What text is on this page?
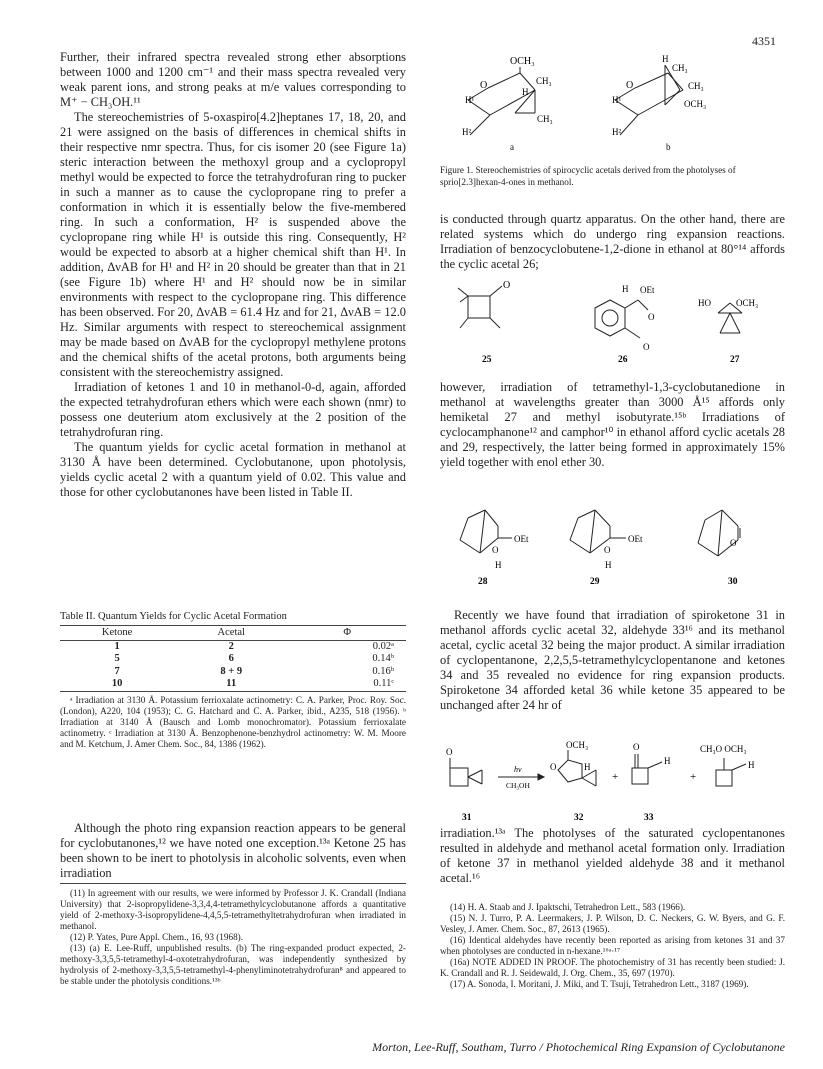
4351

Further, their infrared spectra revealed strong ether absorptions between 1000 and 1200 cm⁻¹ and their mass spectra revealed very weak parent ions, and strong peaks at m/e values corresponding to M⁺ − CH₃OH.¹¹

The stereochemistries of 5-oxaspiro[4.2]heptanes 17, 18, 20, and 21 were assigned on the basis of differences in chemical shifts in their respective nmr spectra. Thus, for cis isomer 20 (see Figure 1a) steric interaction between the methoxyl group and a cyclopropyl methyl would be expected to force the tetrahydrofuran ring to pucker in such a manner as to cause the cyclopropane ring to prefer a conformation in which it is essentially below the five-membered ring. In such a conformation, H² is suspended above the cyclopropane ring while H¹ is outside this ring. Consequently, H² would be expected to absorb at a higher chemical shift than H¹. In addition, ΔνAB for H¹ and H² in 20 should be greater than that in 21 (see Figure 1b) where H¹ and H² should now be in similar environments with respect to the cyclopropane ring. This difference has been observed. For 20, ΔνAB = 61.4 Hz and for 21, ΔνAB = 12.0 Hz. Similar arguments with respect to stereochemical assignment may be made based on ΔνAB for the cyclopropyl methylene protons and the chemical shifts of the acetal protons, both arguments being consistent with the stereochemistry assigned.

Irradiation of ketones 1 and 10 in methanol-0-d, again, afforded the expected tetrahydrofuran ethers which were each shown (nmr) to possess one deuterium atom exclusively at the 2 position of the tetrahydrofuran ring.

The quantum yields for cyclic acetal formation in methanol at 3130 Å have been determined. Cyclobutanone, upon photolysis, yields cyclic acetal 2 with a quantum yield of 0.02. This value and those for other cyclobutanones have been listed in Table II.

Table II. Quantum Yields for Cyclic Acetal Formation
Ketone	Acetal	Φ
1	2	0.02ᵃ
5	6	0.14ᵇ
7	8 + 9	0.16ᵇ
10	11	0.11ᶜ
ᵃ Irradiation at 3130 Å. Potassium ferrioxalate actinometry: C. A. Parker, Proc. Roy. Soc. (London), A220, 104 (1953); C. G. Hatchard and C. A. Parker, ibid., A235, 518 (1956). ᵇ Irradiation at 3140 Å (Bausch and Lomb monochromator). Potassium ferrioxalate actinometry. ᶜ Irradiation at 3130 Å. Benzophenone-benzhydrol actinometry: W. M. Moore and M. Ketchum, J. Amer Chem. Soc., 84, 1386 (1962).

Although the photo ring expansion reaction appears to be general for cyclobutanones,¹² we have noted one exception.¹³ᵃ Ketone 25 has been shown to be inert to photolysis in alcoholic solvents, even when irradiation

(11) In agreement with our results, we were informed by Professor J. K. Crandall (Indiana University) that 2-isopropylidene-3,3,4,4-tetramethylcyclobutanone affords a quantitative yield of 2-methoxy-3-isopropylidene-4,4,5,5-tetramethyltetrahydrofuran when irradiated in methanol.

(12) P. Yates, Pure Appl. Chem., 16, 93 (1968).

(13) (a) E. Lee-Ruff, unpublished results. (b) The ring-expanded product expected, 2-methoxy-3,3,5,5-tetramethyl-4-oxotetrahydrofuran, was independently synthesized by hydrolysis of 2-methoxy-3,3,5,5-tetramethyl-4-phenyliminotetrahydrofuran⁸ and appeared to be stable under the photolysis conditions.¹³ᵇ

OCH₃
O	CH₃
H
H¹
H²
CH₃
a
H
CH₃
O	CH₃
H¹	OCH₃
H²
b
Figure 1. Stereochemistries of spirocyclic acetals derived from the photolyses of sprio[2.3]hexan-4-ones in methanol.

is conducted through quartz apparatus. On the other hand, there are related systems which do undergo ring expansion reactions. Irradiation of benzocyclobutene-1,2-dione in ethanol at 80°¹⁴ affords the cyclic acetal 26;

O	H OEt
O
O
HO	OCH₃
25	26	27

however, irradiation of tetramethyl-1,3-cyclobutanedione in methanol at wavelengths greater than 3000 Å¹⁵ affords only hemiketal 27 and methyl isobutyrate.¹⁵ᵇ Irradiations of cyclocamphanone¹² and camphor¹⁰ in ethanol afford cyclic acetals 28 and 29, respectively, the latter being formed in approximately 15% yield together with enol ether 30.

O
OEt
H
O
OEt
H
O
28	29	30

Recently we have found that irradiation of spiroketone 31 in methanol affords cyclic acetal 32, aldehyde 33¹⁶ and its methanol acetal, cyclic acetal 32 being the major product. A similar irradiation of cyclopentanone, 2,2,5,5-tetramethylcyclopentanone and ketones 34 and 35 revealed no evidence for ring expansion products. Spiroketone 34 afforded ketal 36 while ketone 35 appeared to be unchanged after 24 hr of

O
hν
CH₃OH
OCH₃
O	H
+
O
H
+
CH₃O OCH₃
H
31	32	33

irradiation.¹³ᵃ The photolyses of the saturated cyclopentanones resulted in aldehyde and methanol acetal formation only. Irradiation of ketone 37 in methanol yielded aldehyde 38 and it methanol acetal.¹⁶

(14) H. A. Staab and J. Ipaktschi, Tetrahedron Lett., 583 (1966).

(15) N. J. Turro, P. A. Leermakers, J. P. Wilson, D. C. Neckers, G. W. Byers, and G. F. Vesley, J. Amer. Chem. Soc., 87, 2613 (1965).

(16) Identical aldehydes have recently been reported as arising from ketones 31 and 37 when photolyses are conducted in n-hexane.¹⁶ᵃ·¹⁷

(16a) NOTE ADDED IN PROOF. The photochemistry of 31 has recently been studied: J. K. Crandall and R. J. Seidewald, J. Org. Chem., 35, 697 (1970).

(17) A. Sonoda, I. Moritani, J. Miki, and T. Tsuji, Tetrahedron Lett., 3187 (1969).

Morton, Lee-Ruff, Southam, Turro / Photochemical Ring Expansion of Cyclobutanone
